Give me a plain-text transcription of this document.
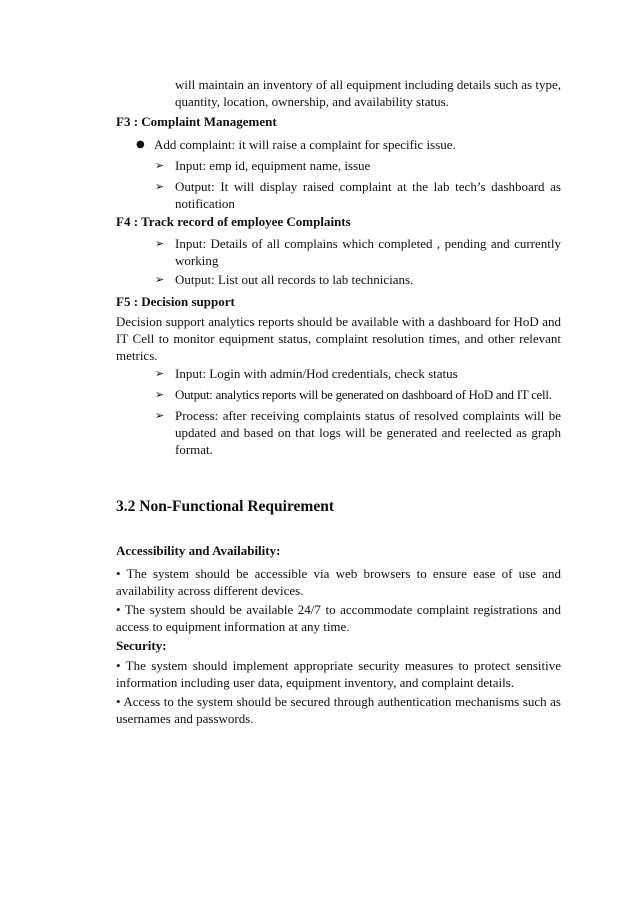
will maintain an inventory of all equipment including details such as type, quantity, location, ownership, and availability status.
F3 : Complaint Management
● Add complaint: it will raise a complaint for specific issue.
➢ Input: emp id, equipment name, issue
➢ Output: It will display raised complaint at the lab tech’s dashboard as notification
F4 : Track record of employee Complaints
➢ Input: Details of all complains which completed , pending and currently working
➢ Output: List out all records to lab technicians.
F5 : Decision support
Decision support analytics reports should be available with a dashboard for HoD and IT Cell to monitor equipment status, complaint resolution times, and other relevant metrics.
➢ Input: Login with admin/Hod credentials, check status
➢ Output: analytics reports will be generated on dashboard of HoD and IT cell.
➢ Process: after receiving complaints status of resolved complaints will be updated and based on that logs will be generated and reelected as graph format.
3.2 Non-Functional Requirement
Accessibility and Availability:
• The system should be accessible via web browsers to ensure ease of use and availability across different devices.
• The system should be available 24/7 to accommodate complaint registrations and access to equipment information at any time.
Security:
• The system should implement appropriate security measures to protect sensitive information including user data, equipment inventory, and complaint details.
• Access to the system should be secured through authentication mechanisms such as usernames and passwords.
